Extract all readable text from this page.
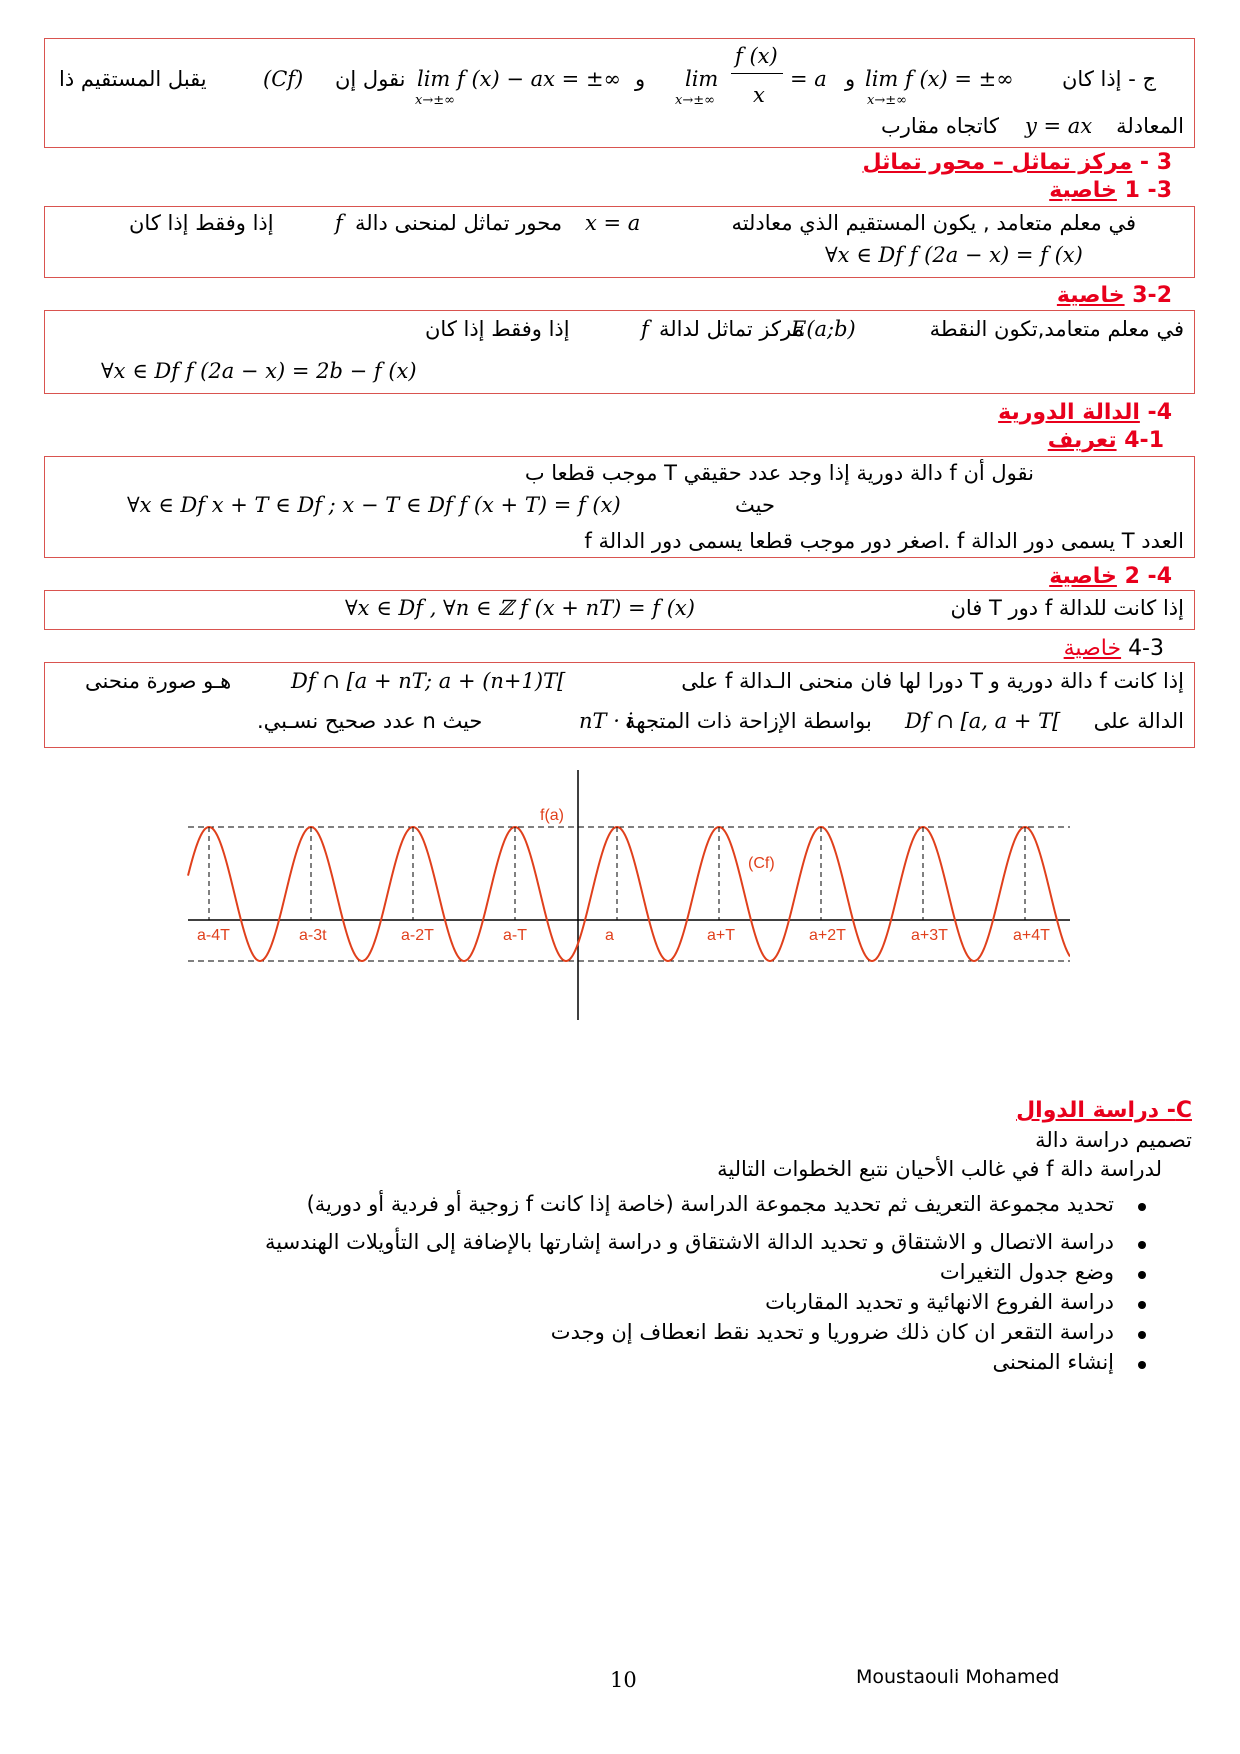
ج - إذا كان
lim f (x) = ±∞
x→±∞
و
lim
x→±∞
f (x)
x
= a
و
lim f (x) − ax = ±∞
x→±∞
نقول إن
(Cf)
يقبل المستقيم ذا
المعادلة
y = ax
كاتجاه مقارب
3 - مركز تماثل – محور تماثل
3- 1 خاصية
في معلم متعامد , يكون المستقيم الذي معادلته
x = a
محور تماثل لمنحنى دالة
f
إذا وفقط إذا كان
∀x ∈ Df f (2a − x) = f (x)
3-2 خاصية
في معلم متعامد,تكون النقطة
E(a;b)
مركز تماثل لدالة
f
إذا وفقط إذا كان
∀x ∈ Df f (2a − x) = 2b − f (x)
4- الدالة الدورية
4-1 تعريف
نقول أن f دالة دورية إذا وجد عدد حقيقي T موجب قطعا ب
∀x ∈ Df x + T ∈ Df ; x − T ∈ Df f (x + T) = f (x)	حيث
العدد T يسمى دور الدالة f .اصغر دور موجب قطعا يسمى دور الدالة f
4- 2 خاصية
إذا كانت للدالة f دور T فان
∀x ∈ Df , ∀n ∈ ℤ f (x + nT) = f (x)
4-3 خاصية
إذا كانت f دالة دورية و T دورا لها فان منحنى الـدالة f على
Df ∩ [a + nT; a + (n+1)T[
هـو صورة منحنى
الدالة على
Df ∩ [a, a + T[
بواسطة الإزاحة ذات المتجهة
nT · i
حيث n عدد صحيح نسـبي.
a-4T	a-3t	a-2T	a-T	a	a+T	a+2T	a+3T	a+4T
f(a)
(Cf)
C- دراسة الدوال
تصميم دراسة دالة
لدراسة دالة f في غالب الأحيان نتبع الخطوات التالية
تحديد مجموعة التعريف ثم تحديد مجموعة الدراسة (خاصة إذا كانت f زوجية أو فردية أو دورية)
دراسة الاتصال و الاشتقاق و تحديد الدالة الاشتقاق و دراسة إشارتها بالإضافة إلى التأويلات الهندسية
وضع جدول التغيرات
دراسة الفروع الانهائية و تحديد المقاربات
دراسة التقعر ان كان ذلك ضروريا و تحديد نقط انعطاف إن وجدت
إنشاء المنحنى
10	Moustaouli Mohamed
